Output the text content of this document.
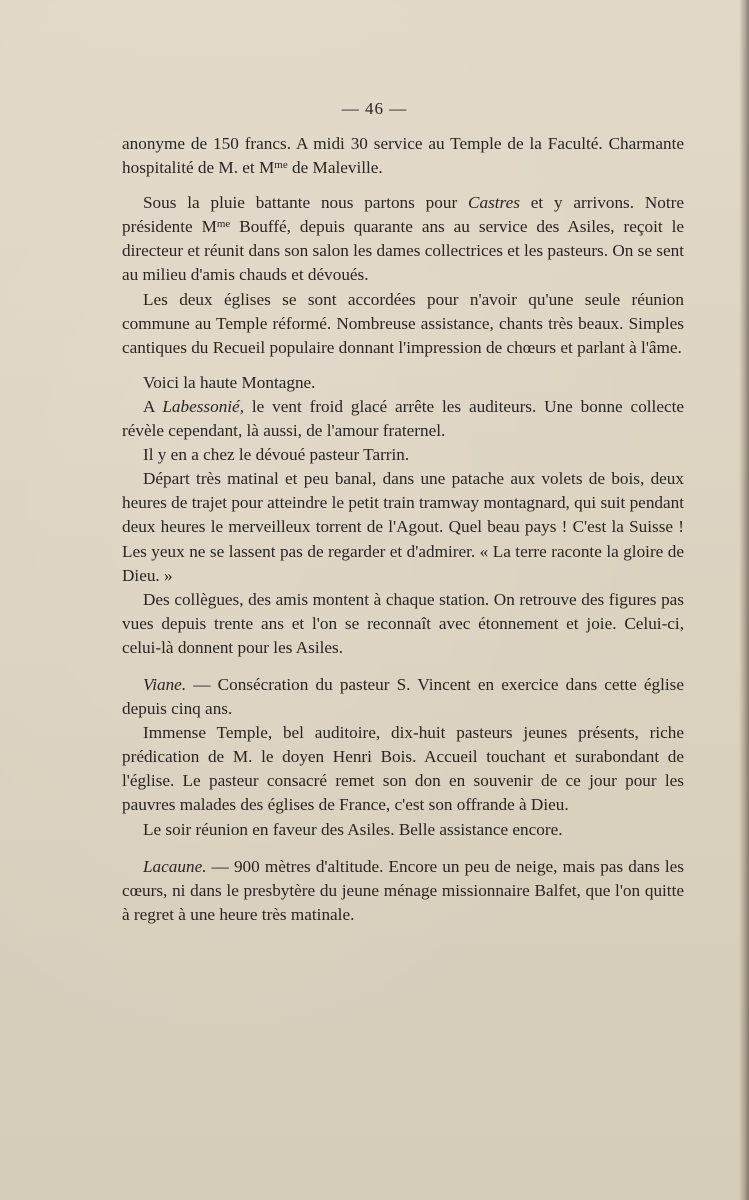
— 46 —

anonyme de 150 francs. A midi 30 service au Temple de la Faculté. Charmante hospitalité de M. et $M^{me}$ de Maleville.

Sous la pluie battante nous partons pour Castres et y arrivons. Notre présidente $M^{me}$ Bouffé, depuis quarante ans au service des Asiles, reçoit le directeur et réunit dans son salon les dames collectrices et les pasteurs. On se sent au milieu d'amis chauds et dévoués.

Les deux églises se sont accordées pour n'avoir qu'une seule réunion commune au Temple réformé. Nombreuse assistance, chants très beaux. Simples cantiques du Recueil populaire donnant l'impression de chœurs et parlant à l'âme.

Voici la haute Montagne.

A Labessonié, le vent froid glacé arrête les auditeurs. Une bonne collecte révèle cependant, là aussi, de l'amour fraternel.

Il y en a chez le dévoué pasteur Tarrin.

Départ très matinal et peu banal, dans une patache aux volets de bois, deux heures de trajet pour atteindre le petit train tramway montagnard, qui suit pendant deux heures le merveilleux torrent de l'Agout. Quel beau pays ! C'est la Suisse ! Les yeux ne se lassent pas de regarder et d'admirer. « La terre raconte la gloire de Dieu. »

Des collègues, des amis montent à chaque station. On retrouve des figures pas vues depuis trente ans et l'on se reconnaît avec étonnement et joie. Celui-ci, celui-là donnent pour les Asiles.

Viane. — Consécration du pasteur S. Vincent en exercice dans cette église depuis cinq ans.

Immense Temple, bel auditoire, dix-huit pasteurs jeunes présents, riche prédication de M. le doyen Henri Bois. Accueil touchant et surabondant de l'église. Le pasteur consacré remet son don en souvenir de ce jour pour les pauvres malades des églises de France, c'est son offrande à Dieu.

Le soir réunion en faveur des Asiles. Belle assistance encore.

Lacaune. — 900 mètres d'altitude. Encore un peu de neige, mais pas dans les cœurs, ni dans le presbytère du jeune ménage missionnaire Balfet, que l'on quitte à regret à une heure très matinale.
